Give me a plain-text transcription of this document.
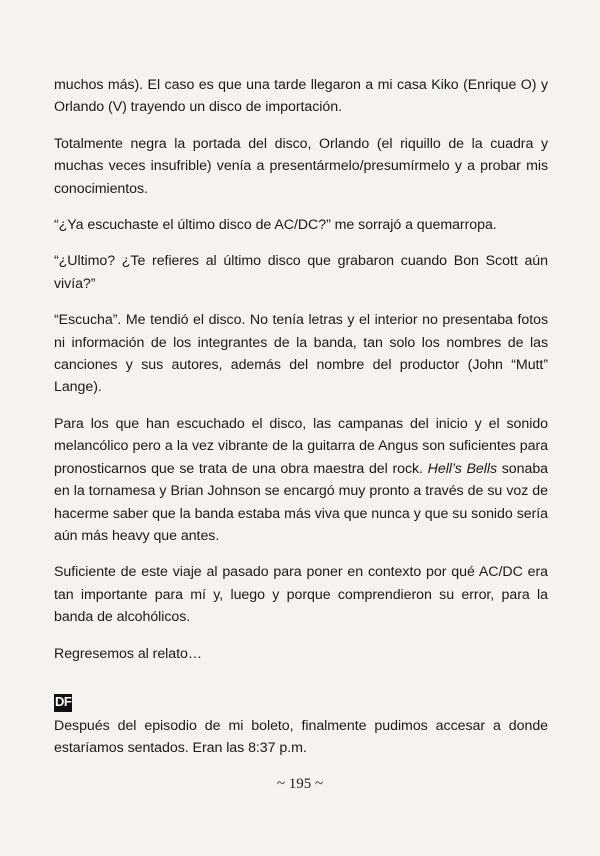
muchos más). El caso es que una tarde llegaron a mi casa Kiko (Enrique O) y Orlando (V) trayendo un disco de importación.

Totalmente negra la portada del disco, Orlando (el riquillo de la cuadra y muchas veces insufrible) venía a presentármelo/presumírmelo y a probar mis conocimientos.

“¿Ya escuchaste el último disco de AC/DC?” me sorrajó a quemarropa.

“¿Ultimo? ¿Te refieres al último disco que grabaron cuando Bon Scott aún vivía?”

“Escucha”. Me tendió el disco. No tenía letras y el interior no presentaba fotos ni información de los integrantes de la banda, tan solo los nombres de las canciones y sus autores, además del nombre del productor (John “Mutt” Lange).

Para los que han escuchado el disco, las campanas del inicio y el sonido melancólico pero a la vez vibrante de la guitarra de Angus son suficientes para pronosticarnos que se trata de una obra maestra del rock. Hell’s Bells sonaba en la tornamesa y Brian Johnson se encargó muy pronto a través de su voz de hacerme saber que la banda estaba más viva que nunca y que su sonido sería aún más heavy que antes.

Suficiente de este viaje al pasado para poner en contexto por qué AC/DC era tan importante para mí y, luego y porque comprendieron su error, para la banda de alcohólicos.

Regresemos al relato…

DF

Después del episodio de mi boleto, finalmente pudimos accesar a donde estaríamos sentados. Eran las 8:37 p.m.

~ 195 ~
